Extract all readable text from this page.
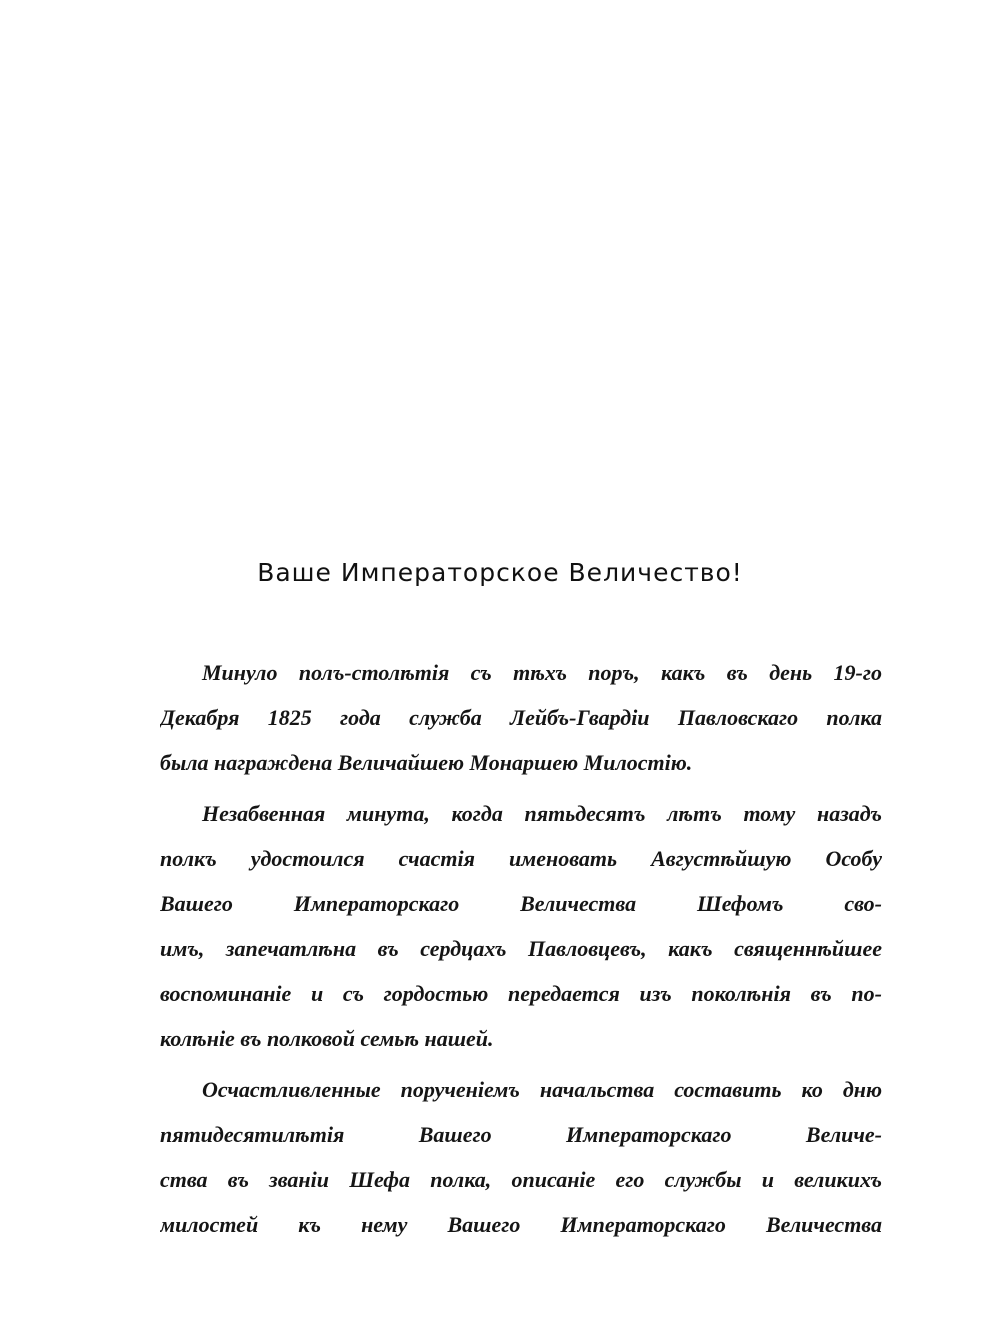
Ваше Императорское Величество!
Минуло полъ-столѣтія съ тѣхъ поръ, какъ въ день 19-го
Декабря 1825 года служба Лейбъ-Гвардіи Павловскаго полка
была награждена Величайшею Монаршею Милостію.
Незабвенная минута, когда пятьдесятъ лѣтъ тому назадъ
полкъ удостоился счастія именовать Августѣйшую Особу
Вашего Императорскаго Величества Шефомъ сво-
имъ, запечатлѣна въ сердцахъ Павловцевъ, какъ священнѣйшее
воспоминаніе и съ гордостью передается изъ поколѣнія въ по-
колѣніе въ полковой семьѣ нашей.
Осчастливленные порученіемъ начальства составить ко дню
пятидесятилѣтія Вашего Императорскаго Величе-
ства въ званіи Шефа полка, описаніе его службы и великихъ
милостей къ нему Вашего Императорскаго Величества
